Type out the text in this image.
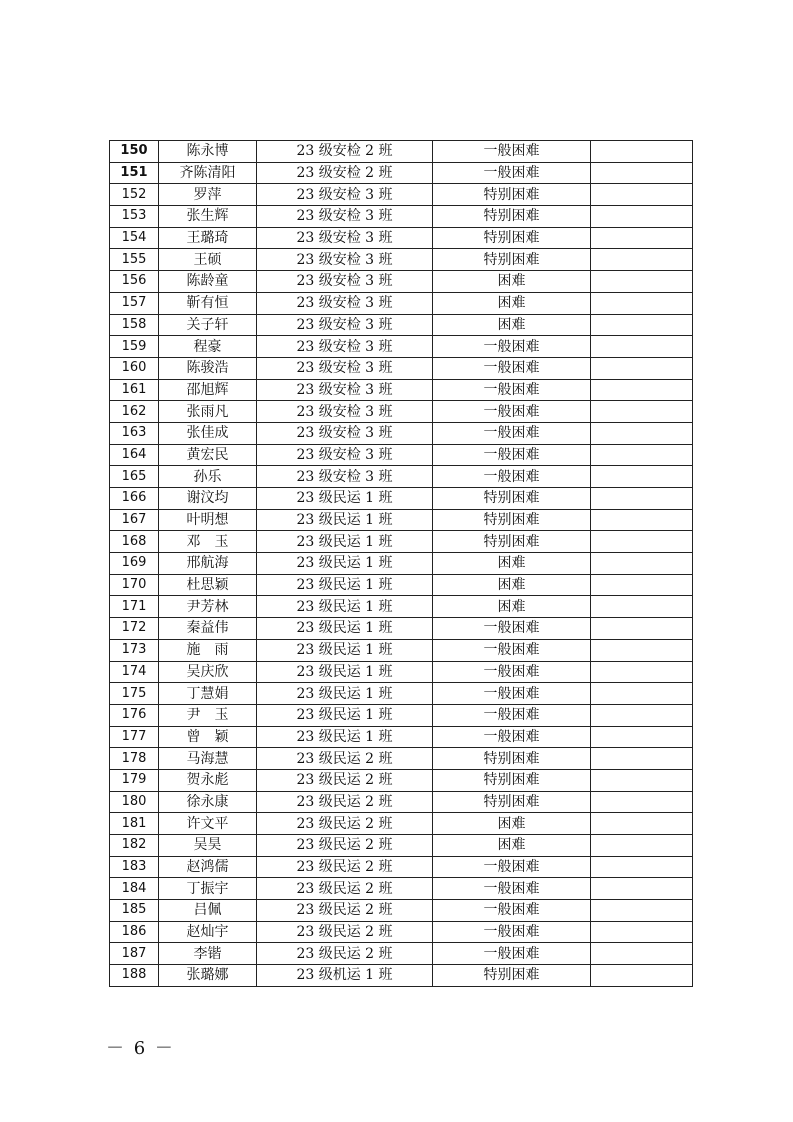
150	陈永博	23 级安检 2 班	一般困难	
151	齐陈清阳	23 级安检 2 班	一般困难	
152	罗萍	23 级安检 3 班	特别困难	
153	张生辉	23 级安检 3 班	特别困难	
154	王璐琦	23 级安检 3 班	特别困难	
155	王硕	23 级安检 3 班	特别困难	
156	陈龄童	23 级安检 3 班	困难	
157	靳有恒	23 级安检 3 班	困难	
158	关子轩	23 级安检 3 班	困难	
159	程豪	23 级安检 3 班	一般困难	
160	陈骏浩	23 级安检 3 班	一般困难	
161	邵旭辉	23 级安检 3 班	一般困难	
162	张雨凡	23 级安检 3 班	一般困难	
163	张佳成	23 级安检 3 班	一般困难	
164	黄宏民	23 级安检 3 班	一般困难	
165	孙乐	23 级安检 3 班	一般困难	
166	谢汶均	23 级民运 1 班	特别困难	
167	叶明想	23 级民运 1 班	特别困难	
168	邓　玉	23 级民运 1 班	特别困难	
169	邢航海	23 级民运 1 班	困难	
170	杜思颖	23 级民运 1 班	困难	
171	尹芳林	23 级民运 1 班	困难	
172	秦益伟	23 级民运 1 班	一般困难	
173	施　雨	23 级民运 1 班	一般困难	
174	吴庆欣	23 级民运 1 班	一般困难	
175	丁慧娟	23 级民运 1 班	一般困难	
176	尹　玉	23 级民运 1 班	一般困难	
177	曾　颖	23 级民运 1 班	一般困难	
178	马海慧	23 级民运 2 班	特别困难	
179	贺永彪	23 级民运 2 班	特别困难	
180	徐永康	23 级民运 2 班	特别困难	
181	许文平	23 级民运 2 班	困难	
182	吴昊	23 级民运 2 班	困难	
183	赵鸿儒	23 级民运 2 班	一般困难	
184	丁振宇	23 级民运 2 班	一般困难	
185	吕佩	23 级民运 2 班	一般困难	
186	赵灿宇	23 级民运 2 班	一般困难	
187	李锴	23 级民运 2 班	一般困难	
188	张璐娜	23 级机运 1 班	特别困难	
－ 6 －
